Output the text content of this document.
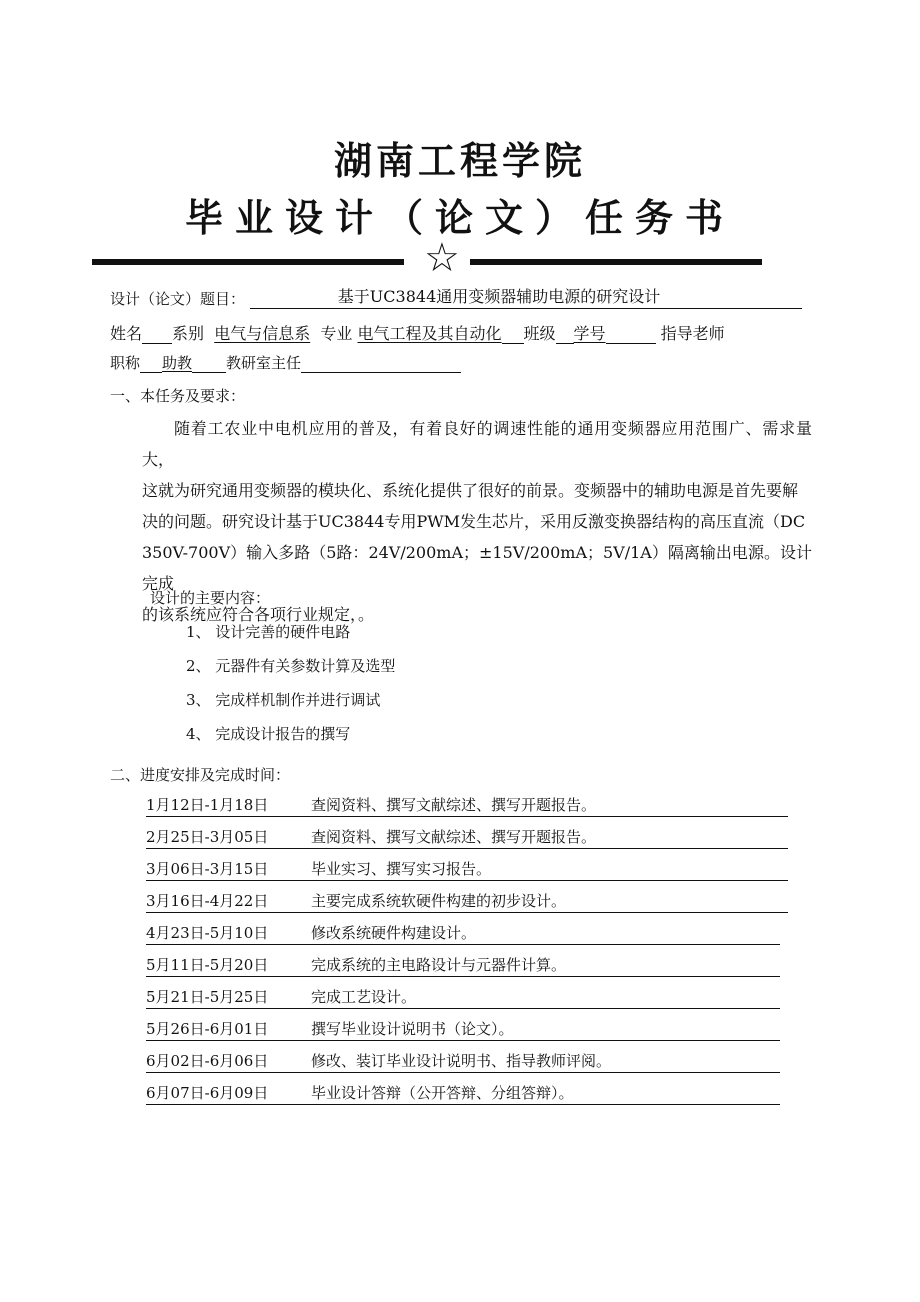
湖南工程学院
毕业设计（论文）任务书
☆
设计（论文）题目：	基于UC3844通用变频器辅助电源的研究设计
姓名 系别 电气与信息系 专业 电气工程及其自动化 班级 学号	指导老师
职称 助教 教研室主任
一、本任务及要求：
随着工农业中电机应用的普及，有着良好的调速性能的通用变频器应用范围广、需求量大，
这就为研究通用变频器的模块化、系统化提供了很好的前景。变频器中的辅助电源是首先要解
决的问题。研究设计基于UC3844专用PWM发生芯片，采用反激变换器结构的高压直流（DC
350V-700V）输入多路（5路：24V/200mA；±15V/200mA；5V/1A）隔离输出电源。设计完成
的该系统应符合各项行业规定，。
设计的主要内容：
1、 设计完善的硬件电路
2、 元器件有关参数计算及选型
3、 完成样机制作并进行调试
4、 完成设计报告的撰写
二、进度安排及完成时间：
1月12日-1月18日	查阅资料、撰写文献综述、撰写开题报告。
2月25日-3月05日	查阅资料、撰写文献综述、撰写开题报告。
3月06日-3月15日	毕业实习、撰写实习报告。
3月16日-4月22日	主要完成系统软硬件构建的初步设计。
4月23日-5月10日	修改系统硬件构建设计。
5月11日-5月20日	完成系统的主电路设计与元器件计算。
5月21日-5月25日	完成工艺设计。
5月26日-6月01日	撰写毕业设计说明书（论文）。
6月02日-6月06日	修改、装订毕业设计说明书、指导教师评阅。
6月07日-6月09日	毕业设计答辩（公开答辩、分组答辩）。
